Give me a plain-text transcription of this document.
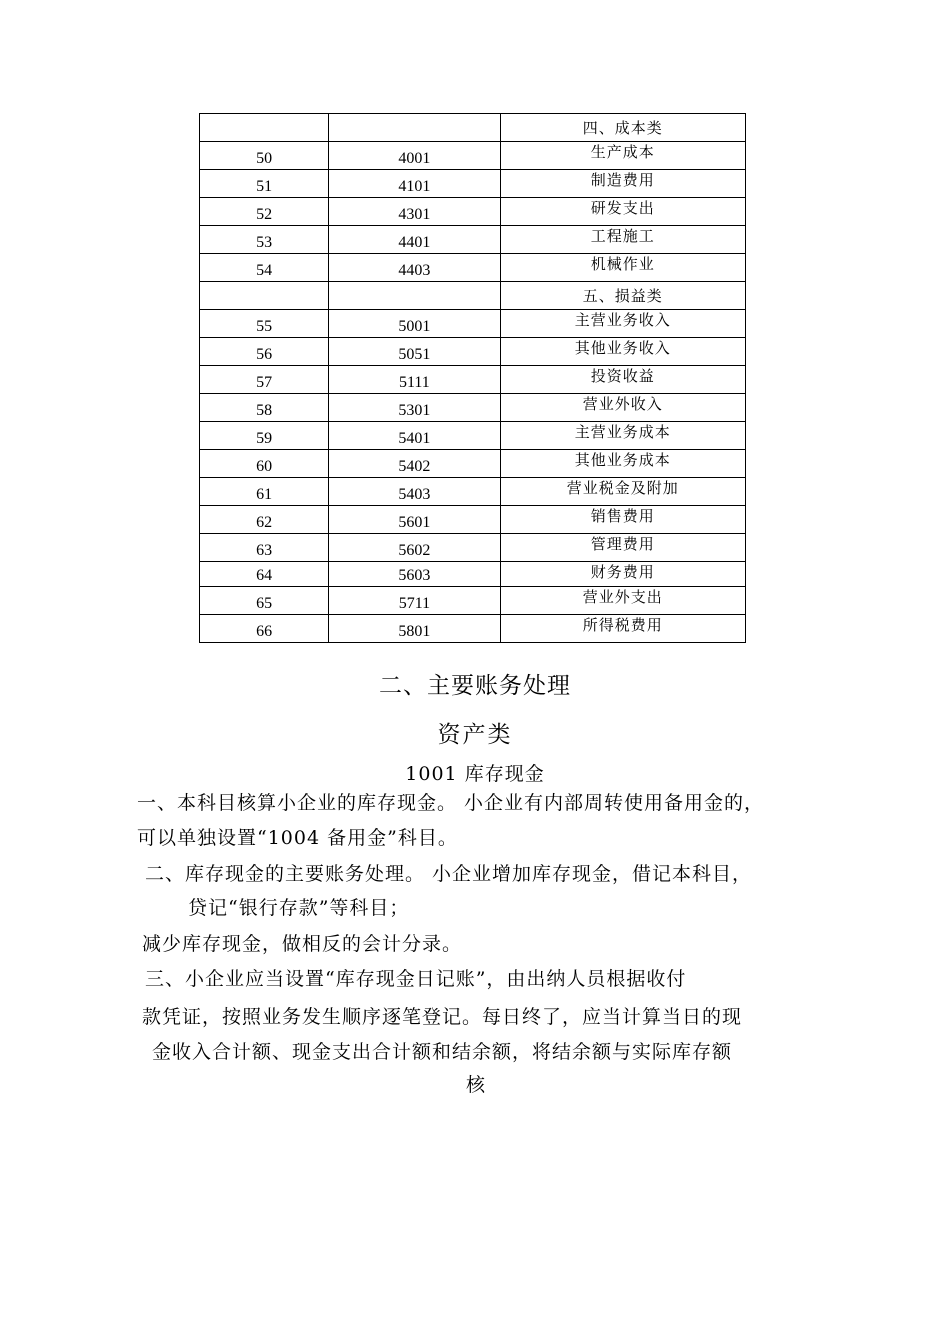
		四、成本类
50	4001	生产成本
51	4101	制造费用
52	4301	研发支出
53	4401	工程施工
54	4403	机械作业
		五、损益类
55	5001	主营业务收入
56	5051	其他业务收入
57	5111	投资收益
58	5301	营业外收入
59	5401	主营业务成本
60	5402	其他业务成本
61	5403	营业税金及附加
62	5601	销售费用
63	5602	管理费用
64	5603	财务费用
65	5711	营业外支出
66	5801	所得税费用
二、主要账务处理
资产类
1001 库存现金

一、本科目核算小企业的库存现金。 小企业有内部周转使用备用金的，

可以单独设置“1004 备用金”科目。

二、库存现金的主要账务处理。 小企业增加库存现金，借记本科目，

贷记“银行存款”等科目；

减少库存现金，做相反的会计分录。

三、小企业应当设置“库存现金日记账”，由出纳人员根据收付

款凭证，按照业务发生顺序逐笔登记。每日终了，应当计算当日的现

金收入合计额、现金支出合计额和结余额，将结余额与实际库存额

核
